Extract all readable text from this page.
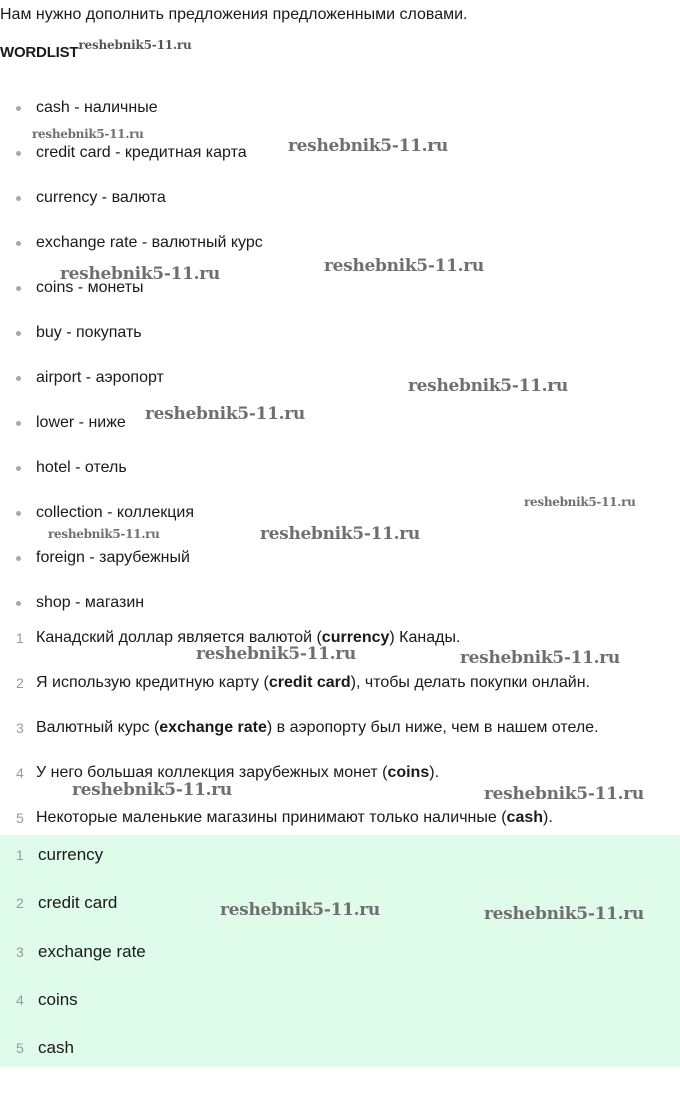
Нам нужно дополнить предложения предложенными словами.

$WORDLIST^{reshebnik5-11.ru}$

cash - наличные
credit card - кредитная карта
currency - валюта
exchange rate - валютный курс
coins - монеты
buy - покупать
airport - аэропорт
lower - ниже
hotel - отель
collection - коллекция
foreign - зарубежный
shop - магазин
1 Канадский доллар является валютой (currency) Канады.
2 Я использую кредитную карту (credit card), чтобы делать покупки онлайн.
3 Валютный курс (exchange rate) в аэропорту был ниже, чем в нашем отеле.
4 У него большая коллекция зарубежных монет (coins).
5 Некоторые маленькие магазины принимают только наличные (cash).
1 currency
2 credit card
3 exchange rate
4 coins
5 cash
reshebnik5-11.ru
reshebnik5-11.ru
reshebnik5-11.ru	reshebnik5-11.ru
reshebnik5-11.ru
reshebnik5-11.ru
reshebnik5-11.ru
reshebnik5-11.ru	reshebnik5-11.ru
reshebnik5-11.ru	reshebnik5-11.ru
reshebnik5-11.ru	reshebnik5-11.ru
reshebnik5-11.ru	reshebnik5-11.ru
